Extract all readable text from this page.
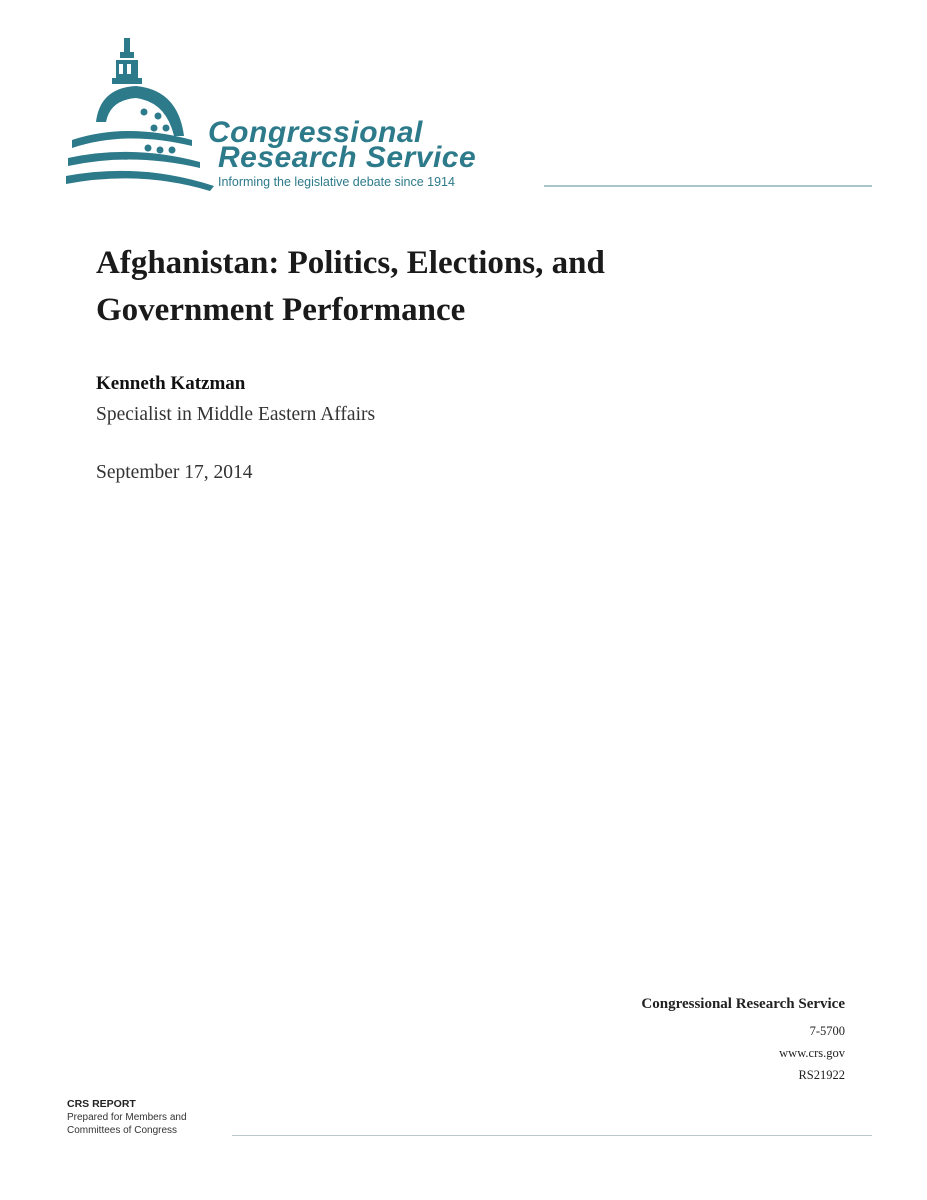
Congressional
Research Service
Informing the legislative debate since 1914
Afghanistan: Politics, Elections, and
Government Performance
Kenneth Katzman
Specialist in Middle Eastern Affairs
September 17, 2014
Congressional Research Service
7-5700
www.crs.gov
RS21922
CRS REPORT
Prepared for Members and
Committees of Congress
